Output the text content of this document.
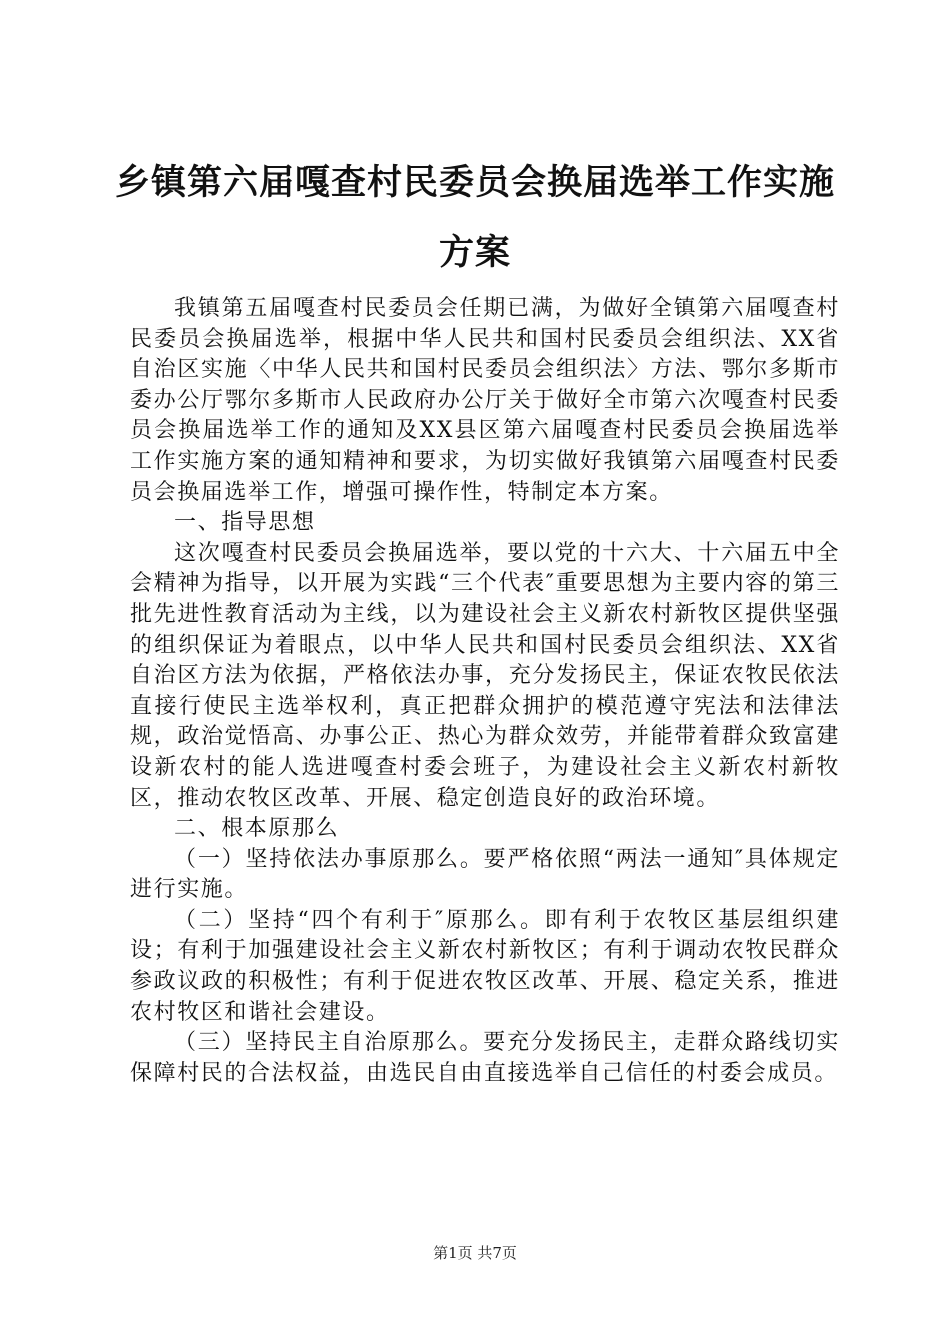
乡镇第六届嘎查村民委员会换届选举工作实施方案

我镇第五届嘎查村民委员会任期已满，为做好全镇第六届嘎查村民委员会换届选举，根据中华人民共和国村民委员会组织法、XX省自治区实施〈中华人民共和国村民委员会组织法〉方法、鄂尔多斯市委办公厅鄂尔多斯市人民政府办公厅关于做好全市第六次嘎查村民委员会换届选举工作的通知及XX县区第六届嘎查村民委员会换届选举工作实施方案的通知精神和要求，为切实做好我镇第六届嘎查村民委员会换届选举工作，增强可操作性，特制定本方案。

一、指导思想

这次嘎查村民委员会换届选举，要以党的十六大、十六届五中全会精神为指导，以开展为实践“三个代表″重要思想为主要内容的第三批先进性教育活动为主线，以为建设社会主义新农村新牧区提供坚强的组织保证为着眼点，以中华人民共和国村民委员会组织法、XX省自治区方法为依据，严格依法办事，充分发扬民主，保证农牧民依法直接行使民主选举权利，真正把群众拥护的模范遵守宪法和法律法规，政治觉悟高、办事公正、热心为群众效劳，并能带着群众致富建设新农村的能人选进嘎查村委会班子，为建设社会主义新农村新牧区，推动农牧区改革、开展、稳定创造良好的政治环境。

二、根本原那么

（一）坚持依法办事原那么。要严格依照“两法一通知″具体规定进行实施。

（二）坚持“四个有利于″原那么。即有利于农牧区基层组织建设；有利于加强建设社会主义新农村新牧区；有利于调动农牧民群众参政议政的积极性；有利于促进农牧区改革、开展、稳定关系，推进农村牧区和谐社会建设。

（三）坚持民主自治原那么。要充分发扬民主，走群众路线切实保障村民的合法权益，由选民自由直接选举自己信任的村委会成员。

第1页 共7页
